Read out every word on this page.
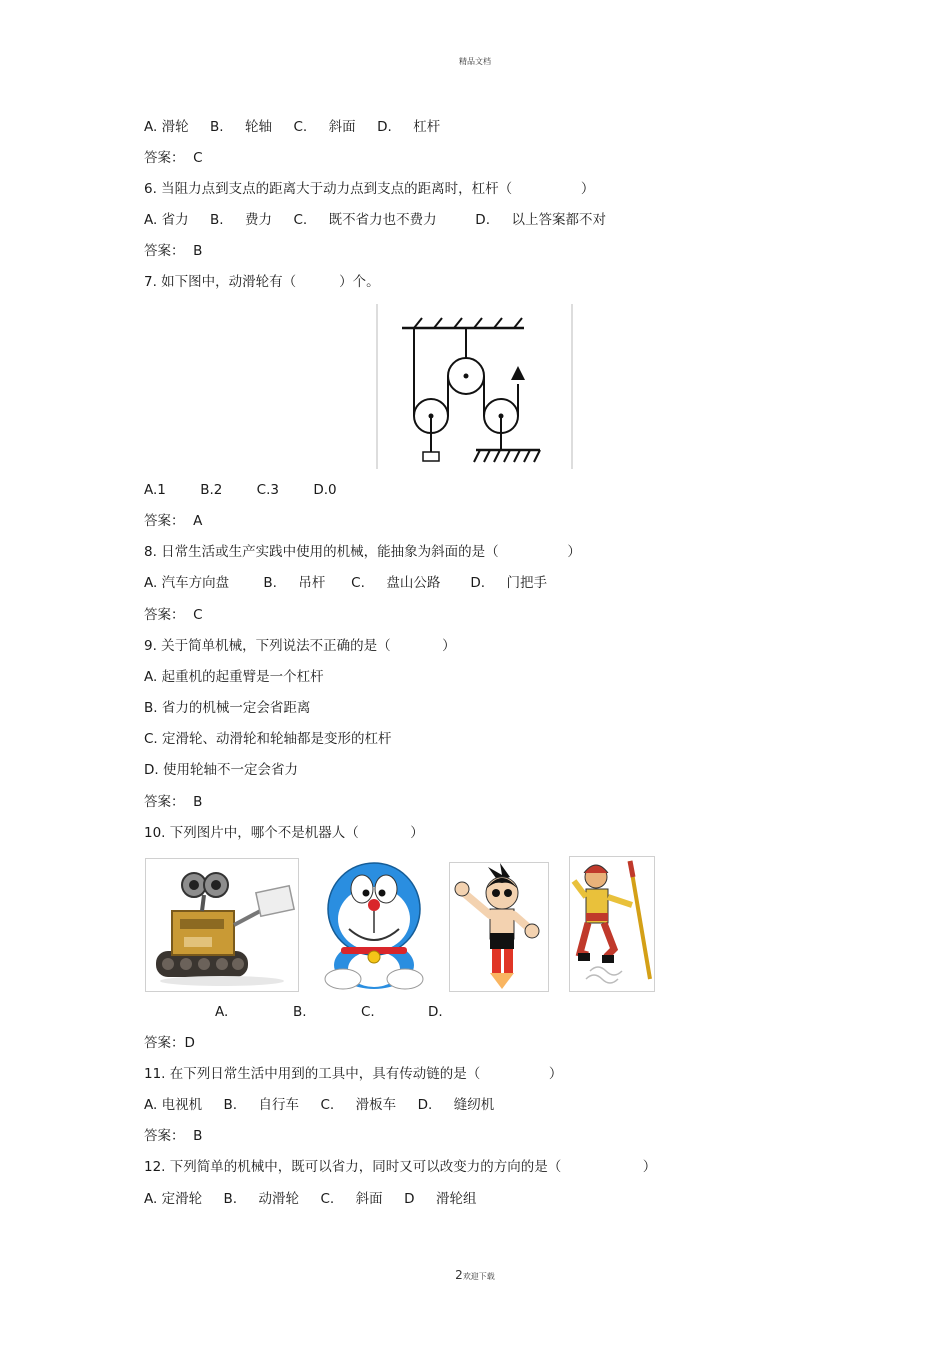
精品文档
A. 滑轮     B.     轮轴     C.     斜面     D.     杠杆
答案：  C
6. 当阻力点到支点的距离大于动力点到支点的距离时，杠杆（                ）
A. 省力     B.     费力     C.     既不省力也不费力         D.     以上答案都不对
答案：  B
7. 如下图中，动滑轮有（          ）个。
A.1        B.2        C.3        D.0
答案：  A
8. 日常生活或生产实践中使用的机械，能抽象为斜面的是（                ）
A. 汽车方向盘        B.     吊杆      C.     盘山公路       D.     门把手
答案：  C
9. 关于简单机械，下列说法不正确的是（            ）
A. 起重机的起重臂是一个杠杆
B. 省力的机械一定会省距离
C. 定滑轮、动滑轮和轮轴都是变形的杠杆
D. 使用轮轴不一定会省力
答案：  B
10. 下列图片中，哪个不是机器人（            ）
A.	B.	C.	D.
答案：D
11. 在下列日常生活中用到的工具中，具有传动链的是（                ）
A. 电视机     B.     自行车     C.     滑板车     D.     缝纫机
答案：  B
12. 下列简单的机械中，既可以省力，同时又可以改变力的方向的是（                   ）
A. 定滑轮     B.     动滑轮     C.     斜面     D     滑轮组
2欢迎下载
